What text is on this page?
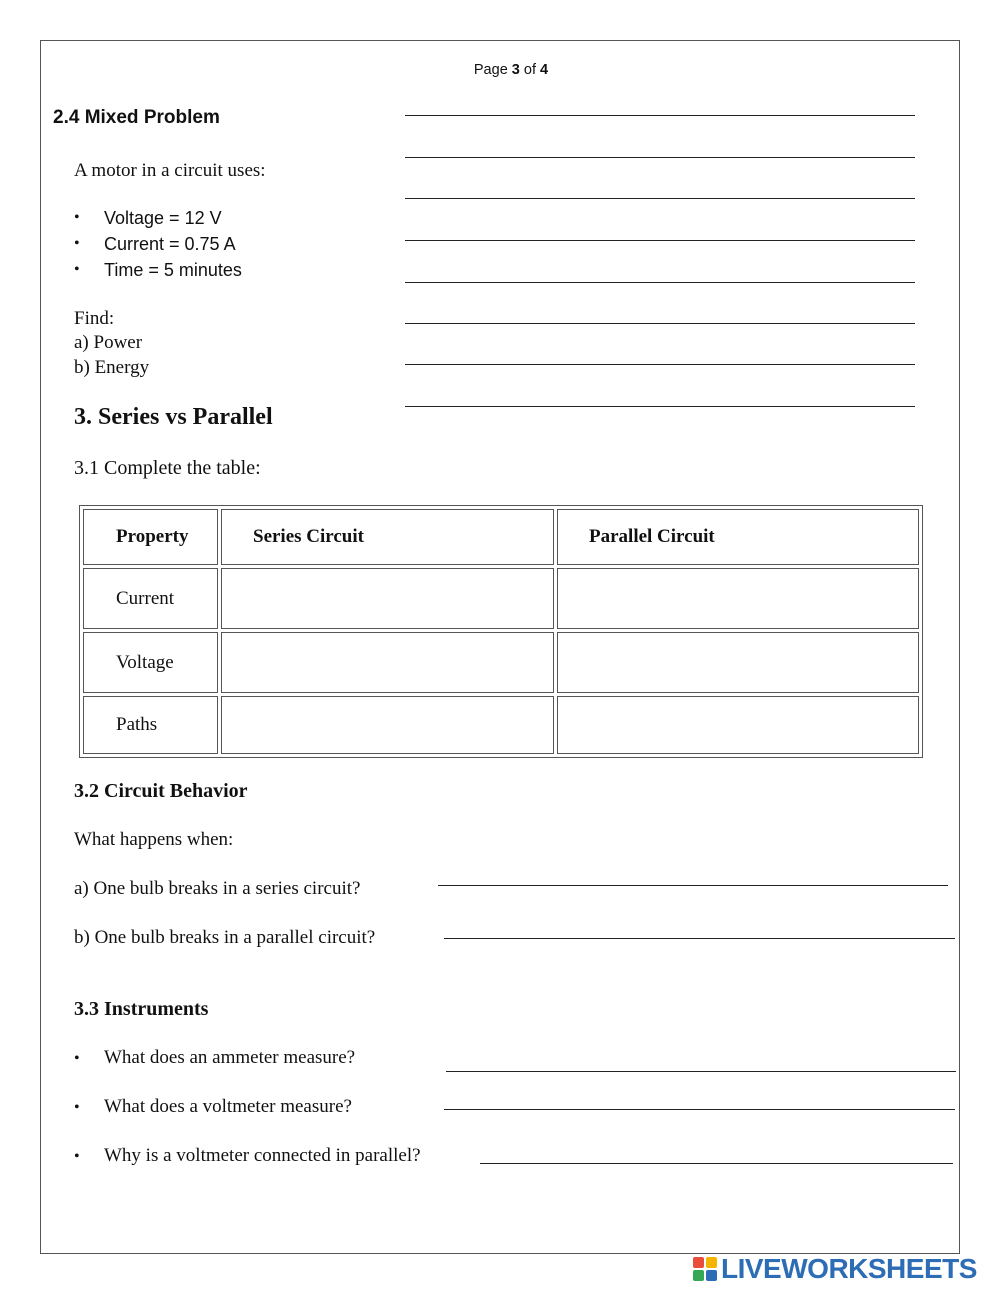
Page 3 of 4
2.4 Mixed Problem
A motor in a circuit uses:
• Voltage = 12 V
• Current = 0.75 A
• Time = 5 minutes
Find:
a) Power
b) Energy
3. Series vs Parallel
3.1 Complete the table:
Property	Series Circuit	Parallel Circuit
Current		
Voltage		
Paths		
3.2 Circuit Behavior
What happens when:
a) One bulb breaks in a series circuit?
b) One bulb breaks in a parallel circuit?
3.3 Instruments
• What does an ammeter measure?
• What does a voltmeter measure?
• Why is a voltmeter connected in parallel?
LIVEWORKSHEETS
